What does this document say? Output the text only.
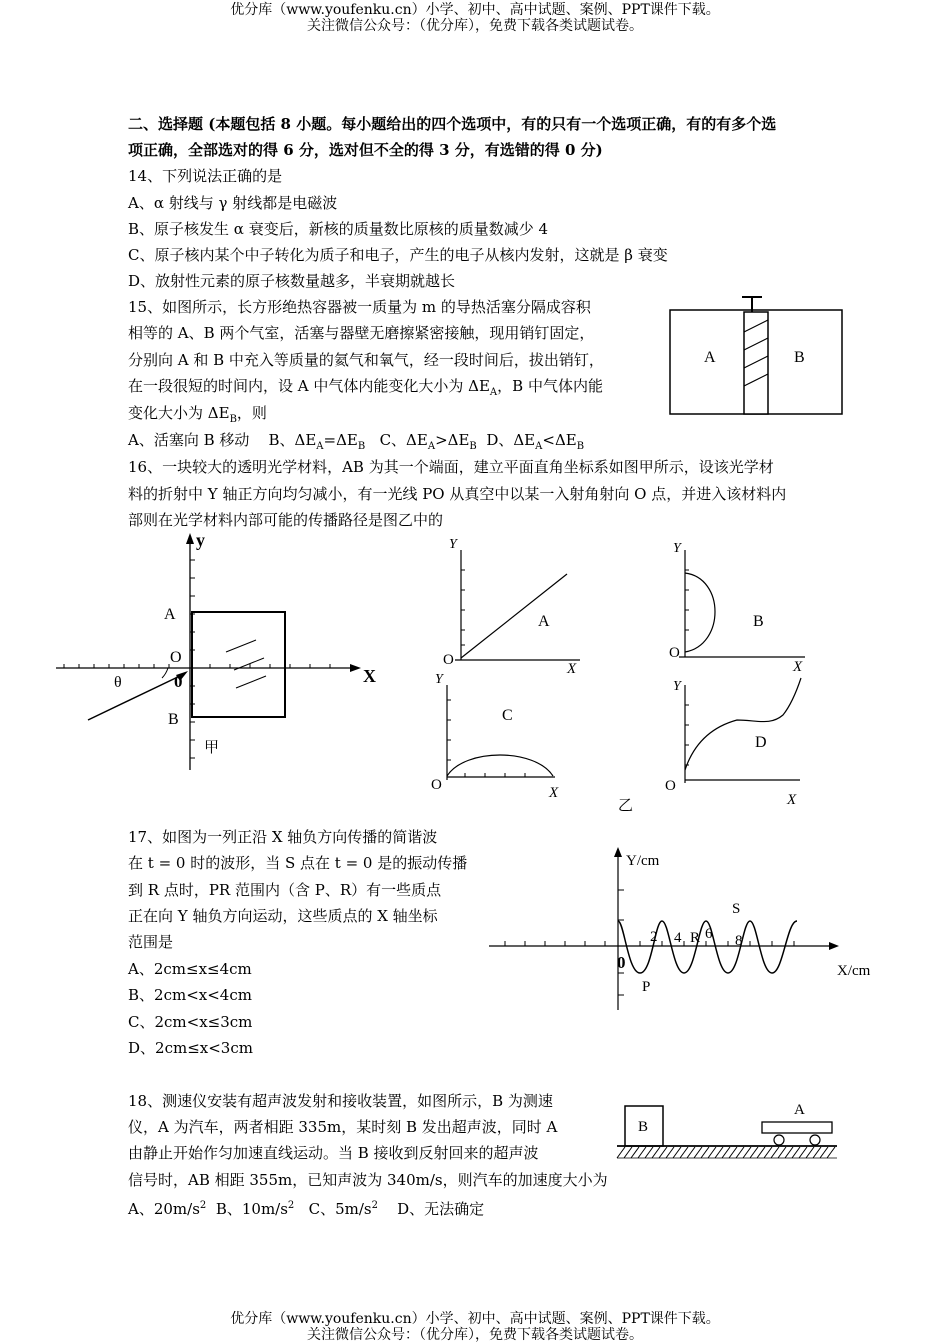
优分库（www.youfenku.cn）小学、初中、高中试题、案例、PPT课件下载。
关注微信公众号：（优分库），免费下载各类试题试卷。
二、选择题 (本题包括 8 小题。每小题给出的四个选项中，有的只有一个选项正确，有的有多个选
项正确，全部选对的得 6 分，选对但不全的得 3 分，有选错的得 0 分)
14、下列说法正确的是
A、α 射线与 γ 射线都是电磁波
B、原子核发生 α 衰变后，新核的质量数比原核的质量数减少 4
C、原子核内某个中子转化为质子和电子，产生的电子从核内发射，这就是 β 衰变
D、放射性元素的原子核数量越多，半衰期就越长
15、如图所示，长方形绝热容器被一质量为 m 的导热活塞分隔成容积
相等的 A、B 两个气室，活塞与器壁无磨擦紧密接触，现用销钉固定，
分别向 A 和 B 中充入等质量的氦气和氧气，经一段时间后，拔出销钉，
在一段很短的时间内，设 A 中气体内能变化大小为 $\Delta E_A$，B 中气体内能
变化大小为 $\Delta E_B$，则
A、活塞向 B 移动 B、$\Delta E_A=\Delta E_B$ C、$\Delta E_A>\Delta E_B$ D、$\Delta E_A<\Delta E_B$
A	B
16、一块较大的透明光学材料，AB 为其一个端面，建立平面直角坐标系如图甲所示，设该光学材
料的折射中 Y 轴正方向均匀减小，有一光线 PO 从真空中以某一入射角射向 O 点，并进入该材料内
部则在光学材料内部可能的传播路径是图乙中的
y
X
A
O
0
θ
B
甲
Y
O
X
A
Y
O
X
B
Y
O	X
C
Y
O
X
D
乙
17、如图为一列正沿 X 轴负方向传播的简谐波
在 t = 0 时的波形，当 S 点在 t = 0 是的振动传播
到 R 点时，PR 范围内（含 P、R）有一些质点
正在向 Y 轴负方向运动，这些质点的 X 轴坐标
范围是
A、2cm≤x≤4cm
B、2cm<x<4cm
C、2cm<x≤3cm
D、2cm≤x<3cm
Y/cm
X/cm
0
2 4 R 6
S
8
P
18、测速仪安装有超声波发射和接收装置，如图所示，B 为测速
仪，A 为汽车，两者相距 335m，某时刻 B 发出超声波，同时 A
由静止开始作匀加速直线运动。当 B 接收到反射回来的超声波
信号时，AB 相距 355m，已知声波为 340m/s，则汽车的加速度大小为
A、$20m/s^2$ B、$10m/s^2$ C、$5m/s^2$ D、无法确定
B
A
优分库（www.youfenku.cn）小学、初中、高中试题、案例、PPT课件下载。
关注微信公众号：（优分库），免费下载各类试题试卷。
